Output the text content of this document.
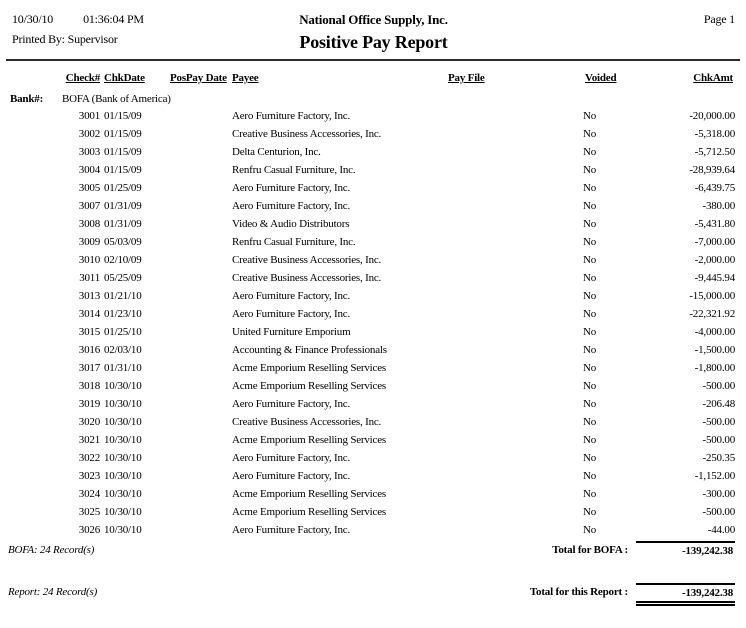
10/30/10	01:36:04 PM
Printed By: Supervisor
National Office Supply, Inc.
Positive Pay Report
Page 1
Check#	ChkDate	PosPay Date	Payee	Pay File	Voided	ChkAmt
Bank#:	BOFA (Bank of America)
3001	01/15/09		Aero Furniture Factory, Inc.		No	-20,000.00
3002	01/15/09		Creative Business Accessories, Inc.		No	-5,318.00
3003	01/15/09		Delta Centurion, Inc.		No	-5,712.50
3004	01/15/09		Renfru Casual Furniture, Inc.		No	-28,939.64
3005	01/25/09		Aero Furniture Factory, Inc.		No	-6,439.75
3007	01/31/09		Aero Furniture Factory, Inc.		No	-380.00
3008	01/31/09		Video & Audio Distributors		No	-5,431.80
3009	05/03/09		Renfru Casual Furniture, Inc.		No	-7,000.00
3010	02/10/09		Creative Business Accessories, Inc.		No	-2,000.00
3011	05/25/09		Creative Business Accessories, Inc.		No	-9,445.94
3013	01/21/10		Aero Furniture Factory, Inc.		No	-15,000.00
3014	01/23/10		Aero Furniture Factory, Inc.		No	-22,321.92
3015	01/25/10		United Furniture Emporium		No	-4,000.00
3016	02/03/10		Accounting & Finance Professionals		No	-1,500.00
3017	01/31/10		Acme Emporium Reselling Services		No	-1,800.00
3018	10/30/10		Acme Emporium Reselling Services		No	-500.00
3019	10/30/10		Aero Furniture Factory, Inc.		No	-206.48
3020	10/30/10		Creative Business Accessories, Inc.		No	-500.00
3021	10/30/10		Acme Emporium Reselling Services		No	-500.00
3022	10/30/10		Aero Furniture Factory, Inc.		No	-250.35
3023	10/30/10		Aero Furniture Factory, Inc.		No	-1,152.00
3024	10/30/10		Acme Emporium Reselling Services		No	-300.00
3025	10/30/10		Acme Emporium Reselling Services		No	-500.00
3026	10/30/10		Aero Furniture Factory, Inc.		No	-44.00
BOFA: 24 Record(s)	Total for BOFA :	-139,242.38
Report: 24 Record(s)	Total for this Report :	-139,242.38
